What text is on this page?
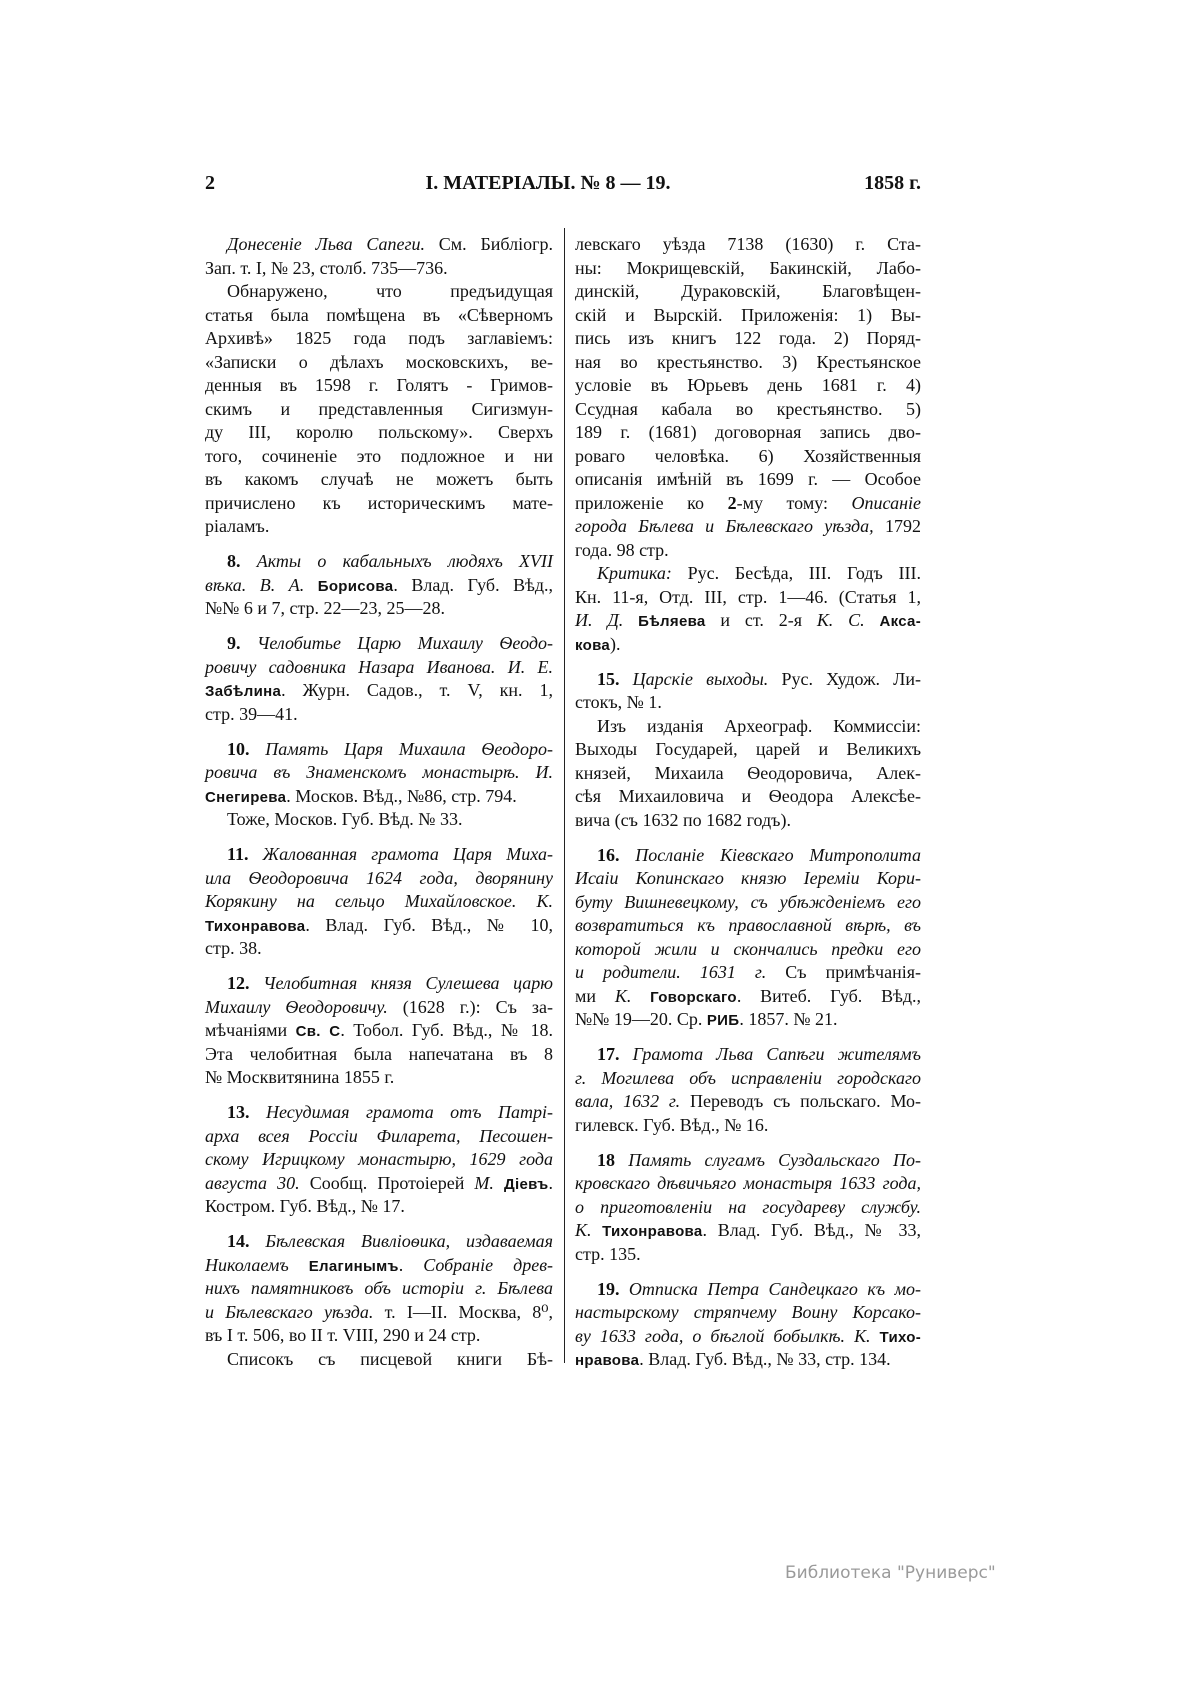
2	I. МАТЕРІАЛЫ. № 8 — 19.	1858 г.
Донесеніе Льва Сапеги. См. Библіогр.
Зап. т. I, № 23, столб. 735—736.
Обнаружено, что предъидущая
статья была помѣщена въ «Сѣверномъ
Архивѣ» 1825 года подъ заглавіемъ:
«Записки о дѣлахъ московскихъ, ве-
денныя въ 1598 г. Голятъ - Гримов-
скимъ и представленныя Сигизмун-
ду III, королю польскому». Сверхъ
того, сочиненіе это подложное и ни
въ какомъ случаѣ не можетъ быть
причислено къ историческимъ мате-
ріаламъ.
8. Акты о кабальныхъ людяхъ XVII
вѣка. В. А. Борисова. Влад. Губ. Вѣд.,
№№ 6 и 7, стр. 22—23, 25—28.
9. Челобитье Царю Михаилу Ѳеодо-
ровичу садовника Назара Иванова. И. Е.
Забѣлина. Журн. Садов., т. V, кн. 1,
стр. 39—41.
10. Память Царя Михаила Ѳеодоро-
ровича въ Знаменскомъ монастырѣ. И.
Снегирева. Москов. Вѣд., №86, стр. 794.
Тоже, Москов. Губ. Вѣд. № 33.
11. Жалованная грамота Царя Миха-
ила Ѳеодоровича 1624 года, дворянину
Корякину на сельцо Михайловское. К.
Тихонравова. Влад. Губ. Вѣд., № 10,
стр. 38.
12. Челобитная князя Сулешева царю
Михаилу Ѳеодоровичу. (1628 г.): Съ за-
мѣчаніями Св. С. Тобол. Губ. Вѣд., № 18.
Эта челобитная была напечатана въ 8
№ Москвитянина 1855 г.
13. Несудимая грамота отъ Патрі-
арха всея Россіи Филарета, Песошен-
скому Игрицкому монастырю, 1629 года
августа 30. Сообщ. Протоіерей М. Діевъ.
Костром. Губ. Вѣд., № 17.
14. Бѣлевская Вивліоѳика, издаваемая
Николаемъ Елагинымъ. Собраніе древ-
нихъ памятниковъ объ исторіи г. Бѣлева
и Бѣлевскаго уѣзда. т. I—II. Москва, 8⁰,
въ I т. 506, во II т. VIII, 290 и 24 стр.
Списокъ съ писцевой книги Бѣ-
левскаго уѣзда 7138 (1630) г. Ста-
ны: Мокрищевскій, Бакинскій, Лабо-
динскій, Дураковскій, Благовѣщен-
скій и Вырскій. Приложенія: 1) Вы-
пись изъ книгъ 122 года. 2) Поряд-
ная во крестьянство. 3) Крестьянское
условіе въ Юрьевъ день 1681 г. 4)
Ссудная кабала во крестьянство. 5)
189 г. (1681) договорная запись дво-
роваго человѣка. 6) Хозяйственныя
описанія имѣній въ 1699 г. — Особое
приложеніе ко 2-му тому: Описаніе
города Бѣлева и Бѣлевскаго уѣзда, 1792
года. 98 стр.
Критика: Рус. Бесѣда, III. Годъ III.
Кн. 11-я, Отд. III, стр. 1—46. (Статья 1,
И. Д. Бѣляева и ст. 2-я К. С. Акса-
кова).
15. Царскіе выходы. Рус. Худож. Ли-
стокъ, № 1.
Изъ изданія Археограф. Коммиссіи:
Выходы Государей, царей и Великихъ
князей, Михаила Ѳеодоровича, Алек-
сѣя Михаиловича и Ѳеодора Алексѣе-
вича (съ 1632 по 1682 годъ).
16. Посланіе Кіевскаго Митрополита
Исаіи Копинскаго князю Іереміи Кори-
буту Вишневецкому, съ убѣжденіемъ его
возвратиться къ православной вѣрѣ, въ
которой жили и скончались предки его
и родители. 1631 г. Съ примѣчанія-
ми К. Говорскаго. Витеб. Губ. Вѣд.,
№№ 19—20. Ср. РИБ. 1857. № 21.
17. Грамота Льва Сапѣги жителямъ
г. Могилева объ исправленіи городскаго
вала, 1632 г. Переводъ съ польскаго. Мо-
гилевск. Губ. Вѣд., № 16.
18 Память слугамъ Суздальскаго По-
кровскаго дѣвичьяго монастыря 1633 года,
о приготовленіи на государеву службу.
К. Тихонравова. Влад. Губ. Вѣд., № 33,
стр. 135.
19. Отписка Петра Сандецкаго къ мо-
настырскому стряпчему Воину Корсако-
ву 1633 года, о бѣглой бобылкѣ. К. Тихо-
нравова. Влад. Губ. Вѣд., № 33, стр. 134.
Библиотека "Руниверс"
